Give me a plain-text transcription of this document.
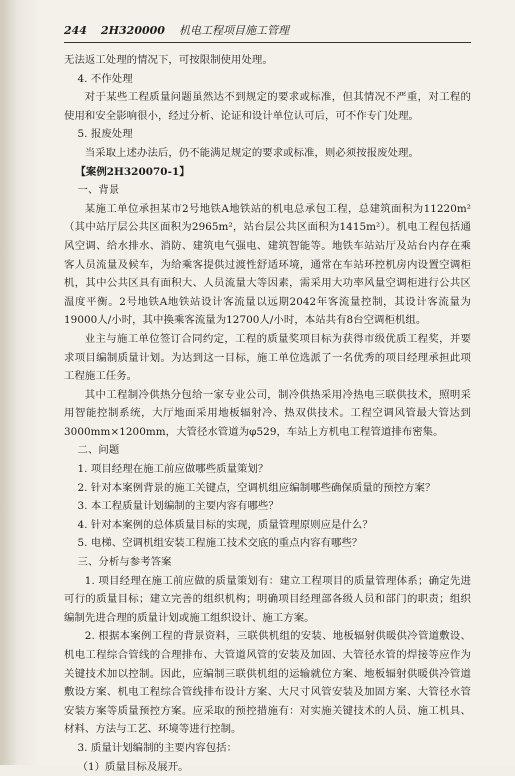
244 2H320000 机电工程项目施工管理

无法返工处理的情况下，可按限制使用处理。

4. 不作处理

对于某些工程质量问题虽然达不到规定的要求或标准，但其情况不严重，对工程的使用和安全影响很小，经过分析、论证和设计单位认可后，可不作专门处理。

5. 报废处理

当采取上述办法后，仍不能满足规定的要求或标准，则必须按报废处理。

【案例2H320070-1】

一、背景

某施工单位承担某市2号地铁A地铁站的机电总承包工程，总建筑面积为11220m²（其中站厅层公共区面积为2965m²，站台层公共区面积为1415m²）。机电工程包括通风空调、给水排水、消防、建筑电气强电、建筑智能等。地铁车站站厅及站台内存在乘客人员流量及候车，为给乘客提供过渡性舒适环境，通常在车站环控机房内设置空调柜机，其中公共区具有面积大、人员流量大等因素，需采用大功率风量空调柜进行公共区温度平衡。2号地铁A地铁站设计客流量以远期2042年客流量控制，其设计客流量为19000人/小时，其中换乘客流量为12700人/小时，本站共有8台空调柜机组。

业主与施工单位签订合同约定，工程的质量奖项目标为获得市级优质工程奖，并要求项目编制质量计划。为达到这一目标，施工单位选派了一名优秀的项目经理承担此项工程施工任务。

其中工程制冷供热分包给一家专业公司，制冷供热采用冷热电三联供技术，照明采用智能控制系统，大厅地面采用地板辐射冷、热双供技术。工程空调风管最大管达到3000mm×1200mm，大管径水管道为φ529，车站上方机电工程管道排布密集。

二、问题

1. 项目经理在施工前应做哪些质量策划？

2. 针对本案例背景的施工关键点，空调机组应编制哪些确保质量的预控方案？

3. 本工程质量计划编制的主要内容有哪些？

4. 针对本案例的总体质量目标的实现，质量管理原则应是什么？

5. 电梯、空调机组安装工程施工技术交底的重点内容有哪些？

三、分析与参考答案

1. 项目经理在施工前应做的质量策划有：建立工程项目的质量管理体系；确定先进可行的质量目标；建立完善的组织机构；明确项目经理部各级人员和部门的职责；组织编制先进合理的质量计划或施工组织设计、施工方案。

2. 根据本案例工程的背景资料，三联供机组的安装、地板辐射供暖供冷管道敷设、机电工程综合管线的合理排布、大管道风管的安装及加固、大管径水管的焊接等应作为关键技术加以控制。因此，应编制三联供机组的运输就位方案、地板辐射供暖供冷管道敷设方案、机电工程综合管线排布设计方案、大尺寸风管安装及加固方案、大管径水管安装方案等质量预控方案。应采取的预控措施有：对实施关键技术的人员、施工机具、材料、方法与工艺、环境等进行控制。

3. 质量计划编制的主要内容包括：

（1）质量目标及展开。
